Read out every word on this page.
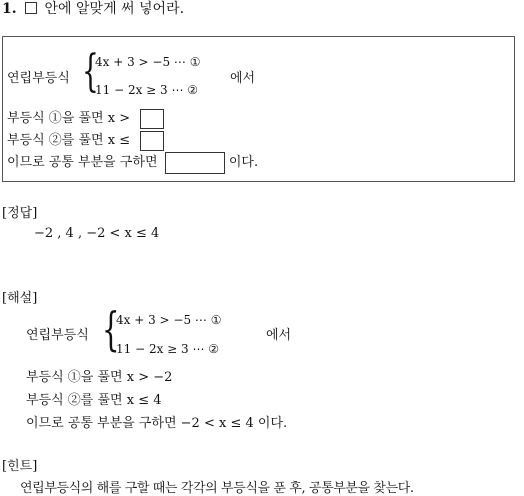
1. 안에 알맞게 써 넣어라.
연립부등식 {
4x + 3 > −5 ⋯ ①
11 − 2x ≥ 3 ⋯ ②
에서
부등식 ①을 풀면 x >
부등식 ②를 풀면 x ≤
이므로 공통 부분을 구하면	이다.
[정답]
−2 , 4 , −2 < x ≤ 4
[해설]
연립부등식 {
4x + 3 > −5 ⋯ ①
11 − 2x ≥ 3 ⋯ ②
에서
부등식 ①을 풀면 x > −2
부등식 ②를 풀면 x ≤ 4
이므로 공통 부분을 구하면 −2 < x ≤ 4 이다.
[힌트]
연립부등식의 해를 구할 때는 각각의 부등식을 푼 후, 공통부분을 찾는다.
